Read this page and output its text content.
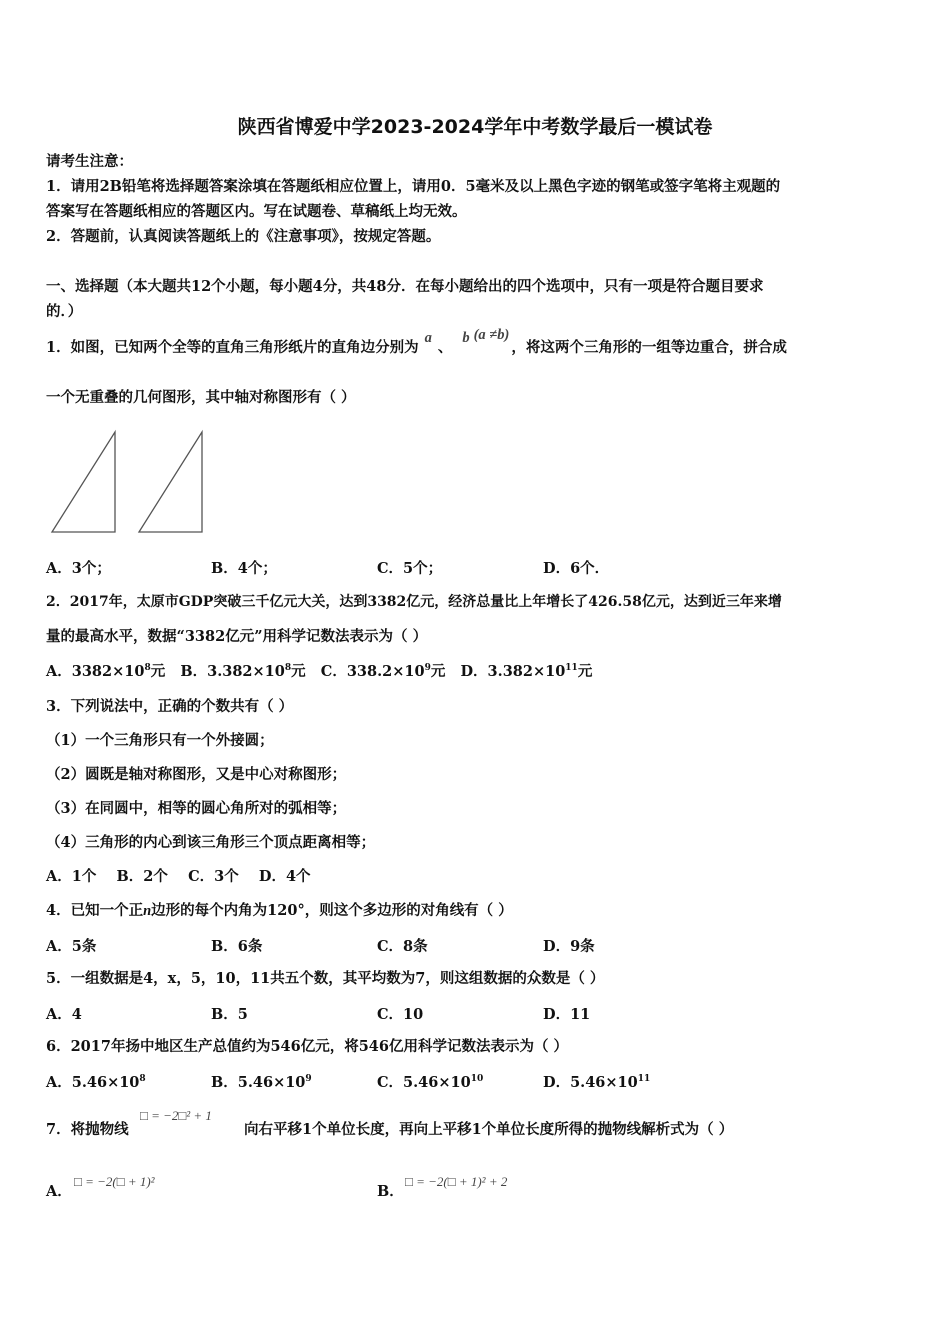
陕西省博爱中学2023-2024学年中考数学最后一模试卷
请考生注意：
1．请用2B铅笔将选择题答案涂填在答题纸相应位置上，请用0．5毫米及以上黑色字迹的钢笔或签字笔将主观题的
答案写在答题纸相应的答题区内。写在试题卷、草稿纸上均无效。
2．答题前，认真阅读答题纸上的《注意事项》，按规定答题。
一、选择题（本大题共12个小题，每小题4分，共48分．在每小题给出的四个选项中，只有一项是符合题目要求
的．）
1．如图，已知两个全等的直角三角形纸片的直角边分别为a、b (a ≠b)，将这两个三角形的一组等边重合，拼合成
一个无重叠的几何图形，其中轴对称图形有（ ）
A．3个；	B．4个；	C．5个；	D．6个．
2．2017年，太原市GDP突破三千亿元大关，达到3382亿元，经济总量比上年增长了426.58亿元，达到近三年来增
量的最高水平，数据“3382亿元”用科学记数法表示为（ ）
A．$3382\times 10^8$元 B．$3.382\times 10^8$元 C．$338.2\times 10^9$元 D．$3.382\times 10^{11}$元
3．下列说法中，正确的个数共有（ ）
（1）一个三角形只有一个外接圆；
（2）圆既是轴对称图形，又是中心对称图形；
（3）在同圆中，相等的圆心角所对的弧相等；
（4）三角形的内心到该三角形三个顶点距离相等；
A．1个    B．2个    C．3个    D．4个
4．已知一个正n边形的每个内角为120°，则这个多边形的对角线有（ ）
A．5条	B．6条	C．8条	D．9条
5．一组数据是4，x，5，10，11共五个数，其平均数为7，则这组数据的众数是（ ）
A．4	B．5	C．10	D．11
6．2017年扬中地区生产总值约为546亿元，将546亿用科学记数法表示为（ ）
A．$5.46\times 10^8$	B．$5.46\times 10^9$	C．$5.46\times 10^{10}$	D．$5.46\times 10^{11}$
7．将抛物线
□ = −2□² + 1
向右平移1个单位长度，再向上平移1个单位长度所得的抛物线解析式为（ ）
A．
□ = −2(□ + 1)²
B．
□ = −2(□ + 1)² + 2
